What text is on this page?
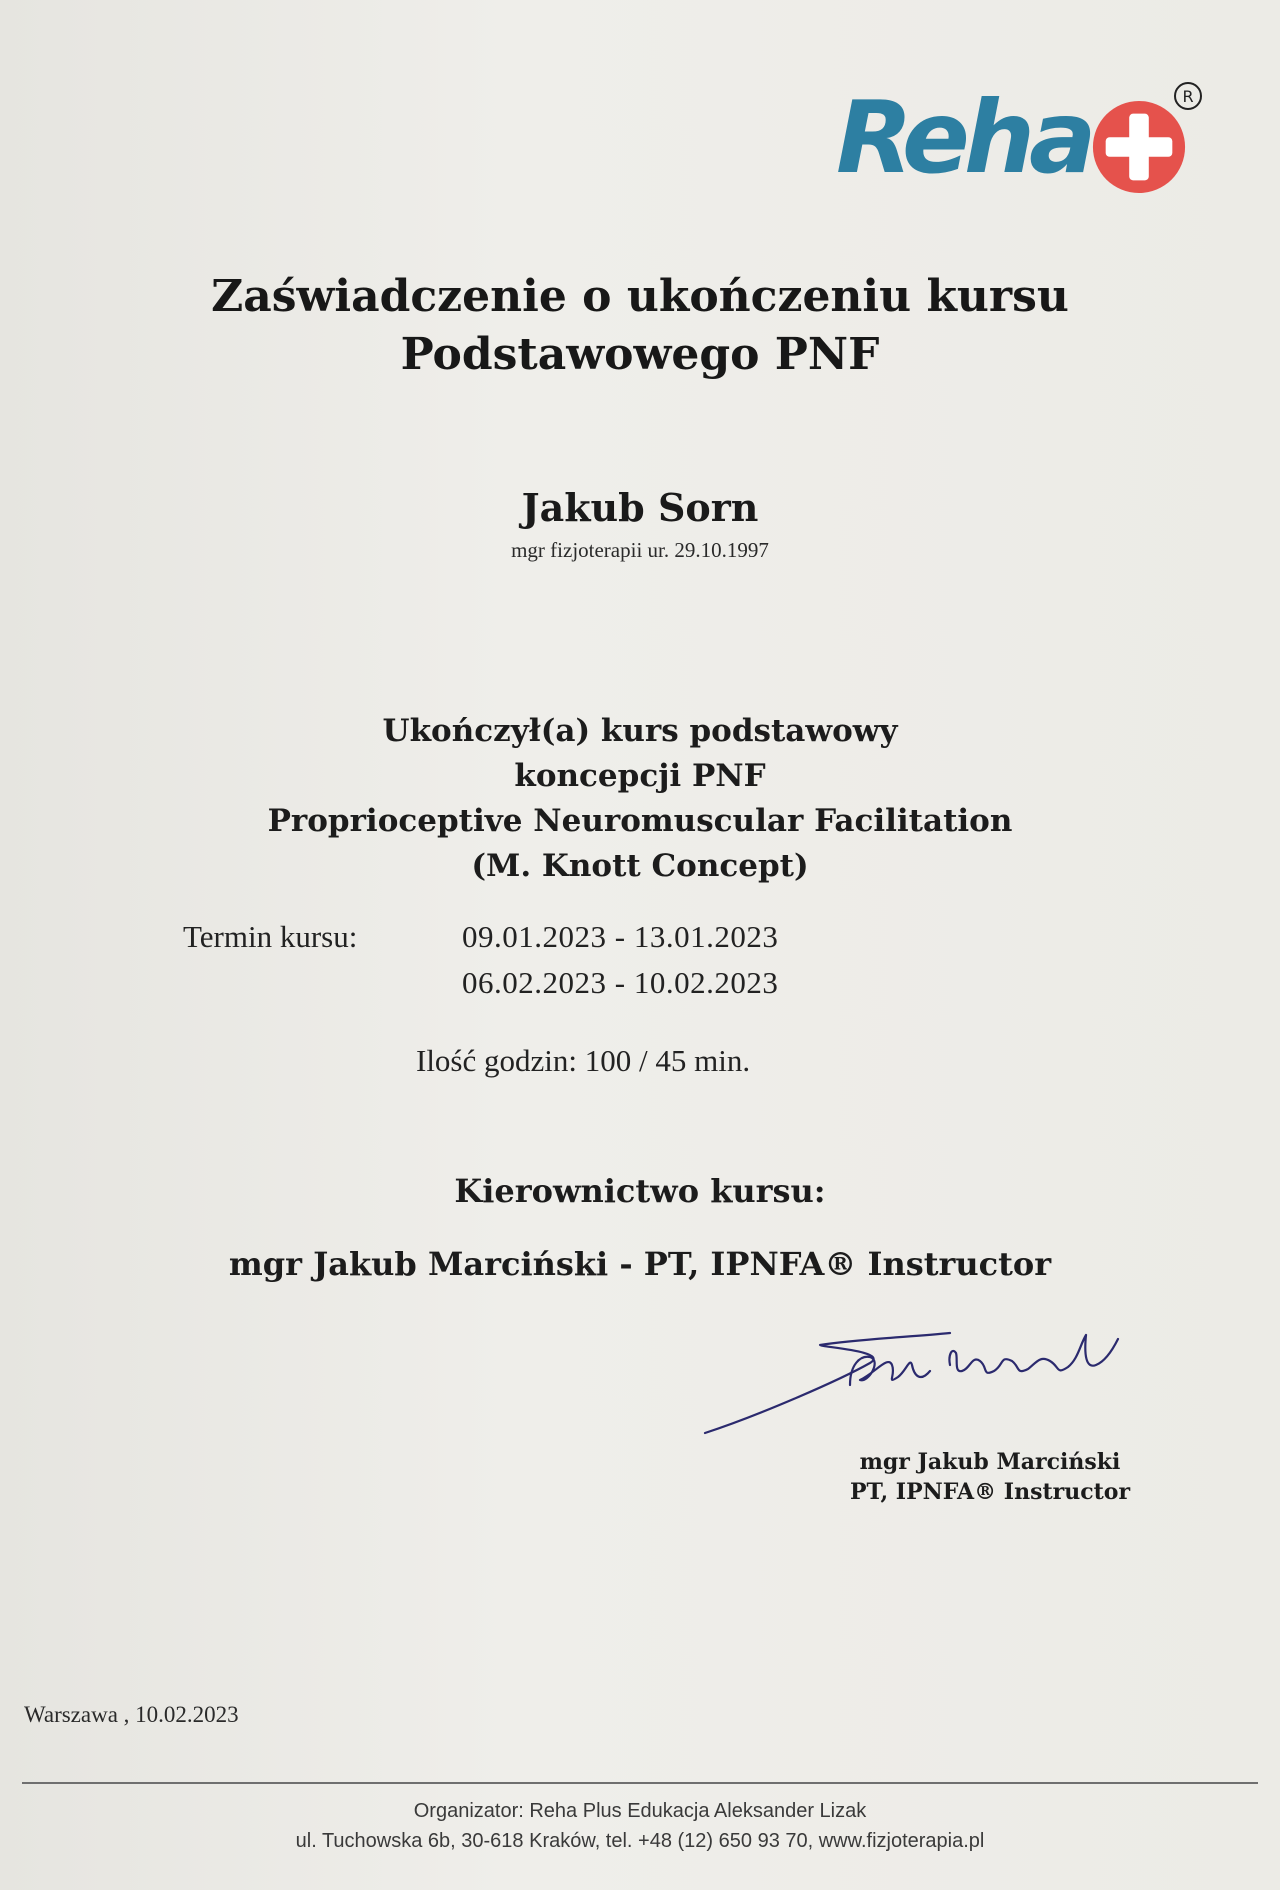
Reha	R
Zaświadczenie o ukończeniu kursu
Podstawowego PNF
Jakub Sorn
mgr fizjoterapii ur. 29.10.1997
Ukończył(a) kurs podstawowy
koncepcji PNF
Proprioceptive Neuromuscular Facilitation
(M. Knott Concept)
Termin kursu:	09.01.2023 - 13.01.2023
06.02.2023 - 10.02.2023
Ilość godzin: 100 / 45 min.
Kierownictwo kursu:
mgr Jakub Marciński - PT, IPNFA® Instructor
mgr Jakub Marciński
PT, IPNFA® Instructor
Warszawa , 10.02.2023
Organizator: Reha Plus Edukacja Aleksander Lizak
ul. Tuchowska 6b, 30-618 Kraków, tel. +48 (12) 650 93 70, www.fizjoterapia.pl
